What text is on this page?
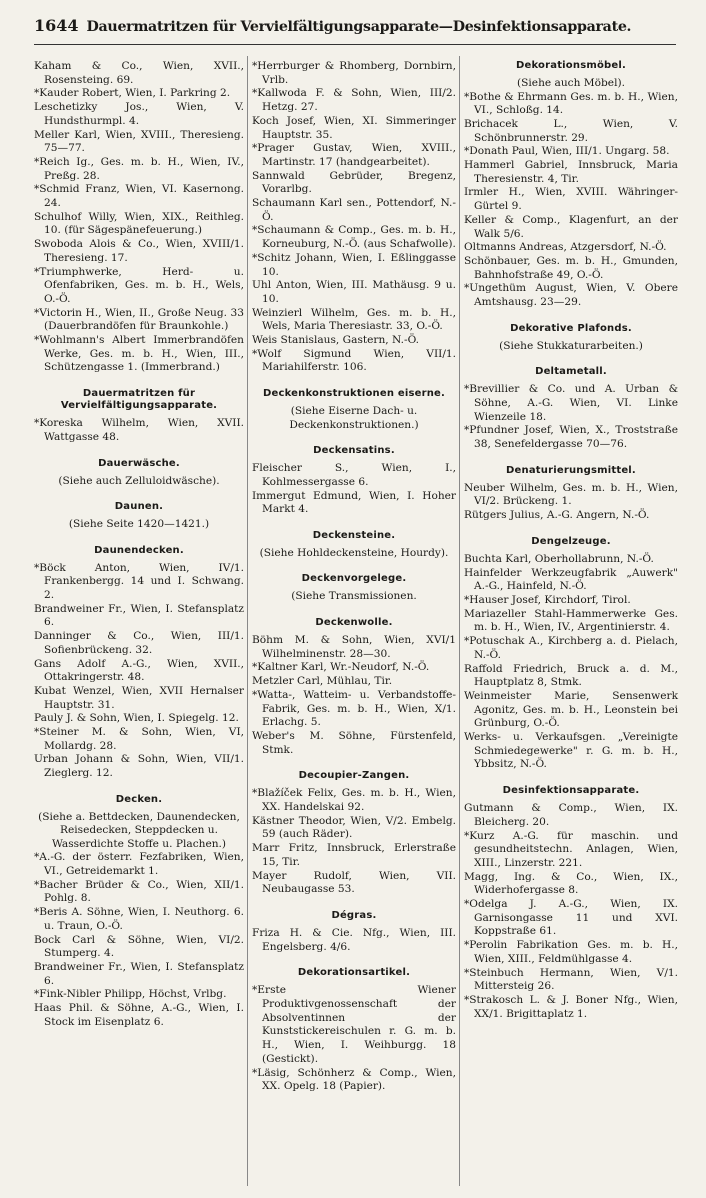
1644 Dauermatritzen für Vervielfältigungsapparate—Desinfektionsapparate.

Kaham & Co., Wien, XVII., Rosensteing. 69.

*Kauder Robert, Wien, I. Parkring 2.

Leschetizky Jos., Wien, V. Hundsthurmpl. 4.

Meller Karl, Wien, XVIII., Theresieng. 75—77.

*Reich Ig., Ges. m. b. H., Wien, IV., Preßg. 28.

*Schmid Franz, Wien, VI. Kasernong. 24.

Schulhof Willy, Wien, XIX., Reithleg. 10. (für Sägespänefeuerung.)

Swoboda Alois & Co., Wien, XVIII/1. Theresieng. 17.

*Triumphwerke, Herd- u. Ofenfabriken, Ges. m. b. H., Wels, O.-Ö.

*Victorin H., Wien, II., Große Neug. 33 (Dauerbrandöfen für Braunkohle.)

*Wohlmann's Albert Immerbrandöfen Werke, Ges. m. b. H., Wien, III., Schützengasse 1. (Immerbrand.)

Dauermatritzen für Vervielfältigungsapparate.

*Koreska Wilhelm, Wien, XVII. Wattgasse 48.

Dauerwäsche.

(Siehe auch Zelluloidwäsche).

Daunen.

(Siehe Seite 1420—1421.)

Daunendecken.

*Böck Anton, Wien, IV/1. Frankenbergg. 14 und I. Schwang. 2.

Brandweiner Fr., Wien, I. Stefansplatz 6.

Danninger & Co., Wien, III/1. Sofienbrückeng. 32.

Gans Adolf A.-G., Wien, XVII., Ottakringerstr. 48.

Kubat Wenzel, Wien, XVII Hernalser Hauptstr. 31.

Pauly J. & Sohn, Wien, I. Spiegelg. 12.

*Steiner M. & Sohn, Wien, VI, Mollardg. 28.

Urban Johann & Sohn, Wien, VII/1. Zieglerg. 12.

Decken.

(Siehe a. Bettdecken, Daunendecken, Reisedecken, Steppdecken u. Wasserdichte Stoffe u. Plachen.)

*A.-G. der österr. Fezfabriken, Wien, VI., Getreidemarkt 1.

*Bacher Brüder & Co., Wien, XII/1. Pohlg. 8.

*Beris A. Söhne, Wien, I. Neuthorg. 6. u. Traun, O.-Ö.

Bock Carl & Söhne, Wien, VI/2. Stumperg. 4.

Brandweiner Fr., Wien, I. Stefansplatz 6.

*Fink-Nibler Philipp, Höchst, Vrlbg.

Haas Phil. & Söhne, A.-G., Wien, I. Stock im Eisenplatz 6.

*Herrburger & Rhomberg, Dornbirn, Vrlb.

*Kallwoda F. & Sohn, Wien, III/2. Hetzg. 27.

Koch Josef, Wien, XI. Simmeringer Hauptstr. 35.

*Prager Gustav, Wien, XVIII., Martinstr. 17 (handgearbeitet).

Sannwald Gebrüder, Bregenz, Vorarlbg.

Schaumann Karl sen., Pottendorf, N.-Ö.

*Schaumann & Comp., Ges. m. b. H., Korneuburg, N.-Ö. (aus Schafwolle).

*Schitz Johann, Wien, I. Eßlinggasse 10.

Uhl Anton, Wien, III. Mathäusg. 9 u. 10.

Weinzierl Wilhelm, Ges. m. b. H., Wels, Maria Theresiastr. 33, O.-Ö.

Weis Stanislaus, Gastern, N.-Ö.

*Wolf Sigmund Wien, VII/1. Mariahilferstr. 106.

Deckenkonstruktionen eiserne.

(Siehe Eiserne Dach- u. Deckenkonstruktionen.)

Deckensatins.

Fleischer S., Wien, I., Kohlmessergasse 6.

Immergut Edmund, Wien, I. Hoher Markt 4.

Deckensteine.

(Siehe Hohldeckensteine, Hourdy).

Deckenvorgelege.

(Siehe Transmissionen.

Deckenwolle.

Böhm M. & Sohn, Wien, XVI/1 Wilhelminenstr. 28—30.

*Kaltner Karl, Wr.-Neudorf, N.-Ö.

Metzler Carl, Mühlau, Tir.

*Watta-, Watteim- u. Verbandstoffe-Fabrik, Ges. m. b. H., Wien, X/1. Erlachg. 5.

Weber's M. Söhne, Fürstenfeld, Stmk.

Decoupier-Zangen.

*Blažíček Felix, Ges. m. b. H., Wien, XX. Handelskai 92.

Kästner Theodor, Wien, V/2. Embelg. 59 (auch Räder).

Marr Fritz, Innsbruck, Erlerstraße 15, Tir.

Mayer Rudolf, Wien, VII. Neubaugasse 53.

Dégras.

Friza H. & Cie. Nfg., Wien, III. Engelsberg. 4/6.

Dekorationsartikel.

*Erste Wiener Produktivgenossenschaft der Absolventinnen der Kunststickereischulen r. G. m. b. H., Wien, I. Weihburgg. 18 (Gestickt).

*Läsig, Schönherz & Comp., Wien, XX. Opelg. 18 (Papier).

Dekorationsmöbel.

(Siehe auch Möbel).

*Bothe & Ehrmann Ges. m. b. H., Wien, VI., Schloßg. 14.

Brichacek L., Wien, V. Schönbrunnerstr. 29.

*Donath Paul, Wien, III/1. Ungarg. 58.

Hammerl Gabriel, Innsbruck, Maria Theresienstr. 4, Tir.

Irmler H., Wien, XVIII. Währinger-Gürtel 9.

Keller & Comp., Klagenfurt, an der Walk 5/6.

Oltmanns Andreas, Atzgersdorf, N.-Ö.

Schönbauer, Ges. m. b. H., Gmunden, Bahnhofstraße 49, O.-Ö.

*Ungethüm August, Wien, V. Obere Amtshausg. 23—29.

Dekorative Plafonds.

(Siehe Stukkaturarbeiten.)

Deltametall.

*Brevillier & Co. und A. Urban & Söhne, A.-G. Wien, VI. Linke Wienzeile 18.

*Pfundner Josef, Wien, X., Troststraße 38, Senefeldergasse 70—76.

Denaturierungsmittel.

Neuber Wilhelm, Ges. m. b. H., Wien, VI/2. Brückeng. 1.

Rütgers Julius, A.-G. Angern, N.-Ö.

Dengelzeuge.

Buchta Karl, Oberhollabrunn, N.-Ö.

Hainfelder Werkzeugfabrik „Auwerk" A.-G., Hainfeld, N.-Ö.

*Hauser Josef, Kirchdorf, Tirol.

Mariazeller Stahl-Hammerwerke Ges. m. b. H., Wien, IV., Argentinierstr. 4.

*Potuschak A., Kirchberg a. d. Pielach, N.-Ö.

Raffold Friedrich, Bruck a. d. M., Hauptplatz 8, Stmk.

Weinmeister Marie, Sensenwerk Agonitz, Ges. m. b. H., Leonstein bei Grünburg, O.-Ö.

Werks- u. Verkaufsgen. „Vereinigte Schmiedegewerke" r. G. m. b. H., Ybbsitz, N.-Ö.

Desinfektionsapparate.

Gutmann & Comp., Wien, IX. Bleicherg. 20.

*Kurz A.-G. für maschin. und gesundheitstechn. Anlagen, Wien, XIII., Linzerstr. 221.

Magg, Ing. & Co., Wien, IX., Widerhofergasse 8.

*Odelga J. A.-G., Wien, IX. Garnisongasse 11 und XVI. Koppstraße 61.

*Perolin Fabrikation Ges. m. b. H., Wien, XIII., Feldmühlgasse 4.

*Steinbuch Hermann, Wien, V/1. Mittersteig 26.

*Strakosch L. & J. Boner Nfg., Wien, XX/1. Brigittaplatz 1.
